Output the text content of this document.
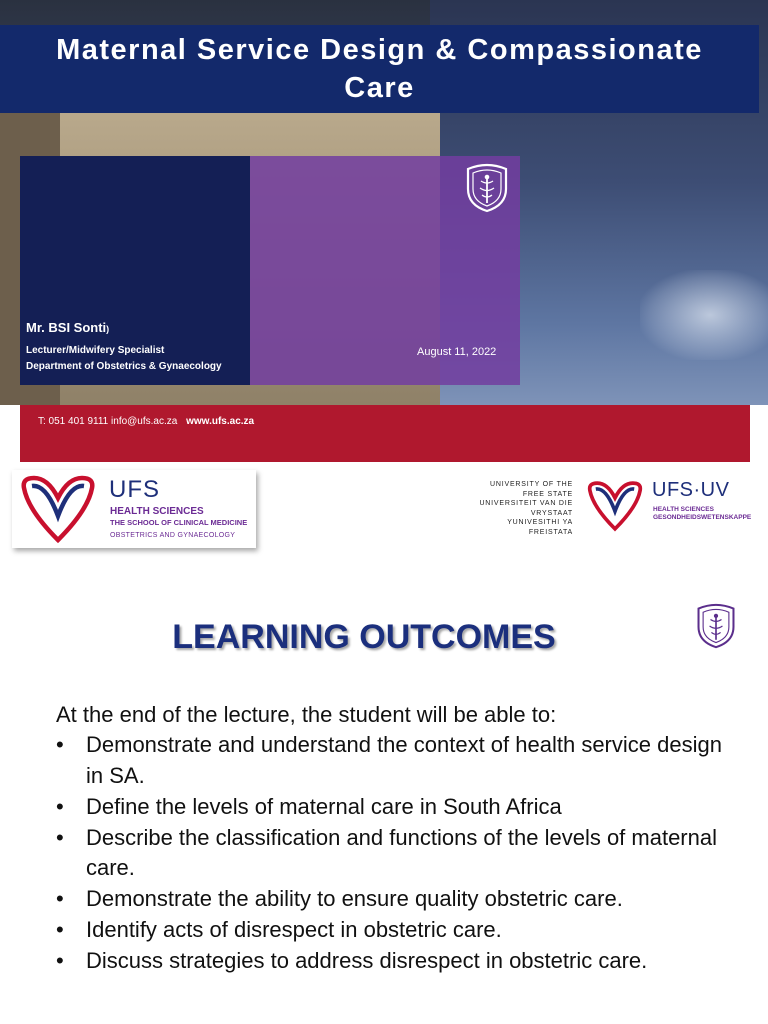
Maternal Service Design & Compassionate Care
Mr. BSI Sonti)
Lecturer/Midwifery Specialist
Department of Obstetrics & Gynaecology
August 11, 2022
T: 051 401 9111 info@ufs.ac.za www.ufs.ac.za
UFS
HEALTH SCIENCES
THE SCHOOL OF CLINICAL MEDICINE
OBSTETRICS AND GYNAECOLOGY
UNIVERSITY OF THE
FREE STATE
UNIVERSITEIT VAN DIE
VRYSTAAT
YUNIVESITHI YA
FREISTATA
UFS·UV
HEALTH SCIENCES
GESONDHEIDSWETENSKAPPE
LEARNING OUTCOMES
At the end of the lecture, the student will be able to:
•	Demonstrate and understand the context of health service design in SA.
•	Define the levels of maternal care in South Africa
•	Describe the classification and functions of the levels of maternal care.
•	Demonstrate the ability to ensure quality obstetric care.
•	Identify acts of disrespect in obstetric care.
•	Discuss strategies to address disrespect in obstetric care.
